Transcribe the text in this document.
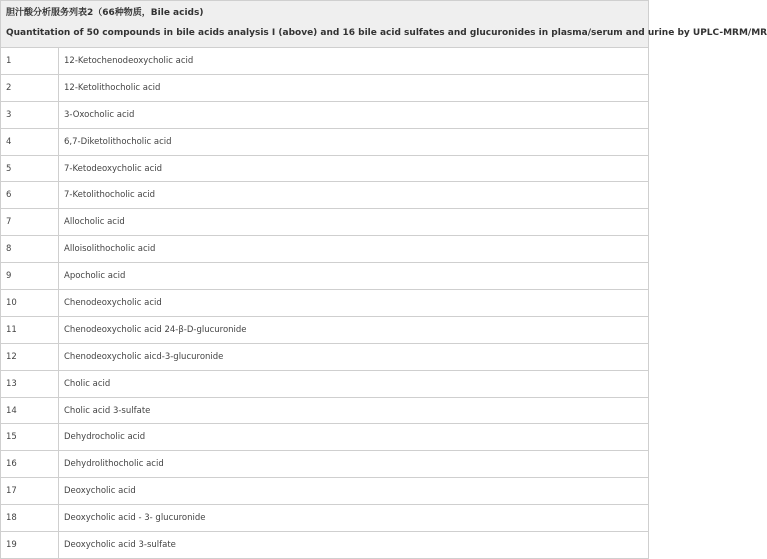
胆汁酸分析服务列表2（66种物质，Bile acids)
Quantitation of 50 compounds in bile acids analysis I (above) and 16 bile acid sulfates and glucuronides in plasma/serum and urine by UPLC-MRM/MR
1	12-Ketochenodeoxycholic acid
2	12-Ketolithocholic acid
3	3-Oxocholic acid
4	6,7-Diketolithocholic acid
5	7-Ketodeoxycholic acid
6	7-Ketolithocholic acid
7	Allocholic acid
8	Alloisolithocholic acid
9	Apocholic acid
10	Chenodeoxycholic acid
11	Chenodeoxycholic acid 24-β-D-glucuronide
12	Chenodeoxycholic aicd-3-glucuronide
13	Cholic acid
14	Cholic acid 3-sulfate
15	Dehydrocholic acid
16	Dehydrolithocholic acid
17	Deoxycholic acid
18	Deoxycholic acid - 3- glucuronide
19	Deoxycholic acid 3-sulfate
